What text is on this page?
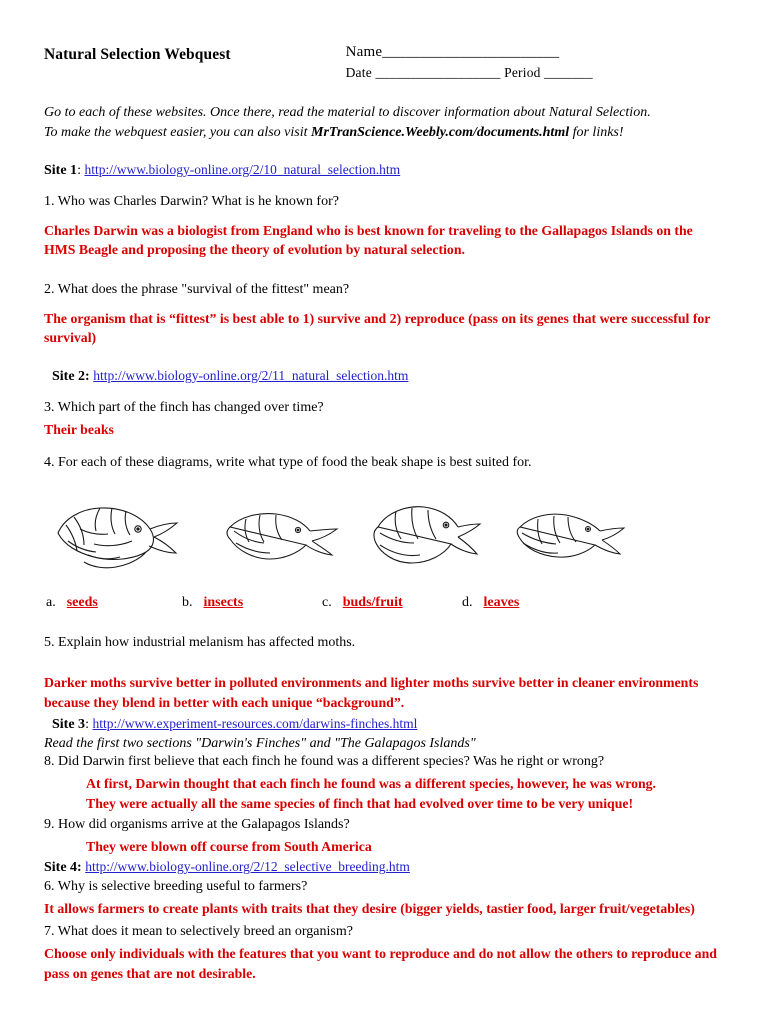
Natural Selection Webquest	Name_______________________
Date __________________ Period _______
Go to each of these websites. Once there, read the material to discover information about Natural Selection.
To make the webquest easier, you can also visit MrTranScience.Weebly.com/documents.html for links!
Site 1: http://www.biology-online.org/2/10_natural_selection.htm
1. Who was Charles Darwin? What is he known for?
Charles Darwin was a biologist from England who is best known for traveling to the Gallapagos Islands on the HMS Beagle and proposing the theory of evolution by natural selection.
2. What does the phrase "survival of the fittest" mean?
The organism that is “fittest” is best able to 1) survive and 2) reproduce (pass on its genes that were successful for survival)
Site 2: http://www.biology-online.org/2/11_natural_selection.htm
3. Which part of the finch has changed over time?
Their beaks
4. For each of these diagrams, write what type of food the beak shape is best suited for.
a. seeds	b. insects	c. buds/fruit	d. leaves
5. Explain how industrial melanism has affected moths.
Darker moths survive better in polluted environments and lighter moths survive better in cleaner environments because they blend in better with each unique “background”.
Site 3: http://www.experiment-resources.com/darwins-finches.html
Read the first two sections "Darwin's Finches" and "The Galapagos Islands"
8. Did Darwin first believe that each finch he found was a different species? Was he right or wrong?
At first, Darwin thought that each finch he found was a different species, however, he was wrong.
They were actually all the same species of finch that had evolved over time to be very unique!
9. How did organisms arrive at the Galapagos Islands?
They were blown off course from South America
Site 4: http://www.biology-online.org/2/12_selective_breeding.htm
6. Why is selective breeding useful to farmers?
It allows farmers to create plants with traits that they desire (bigger yields, tastier food, larger fruit/vegetables)
7. What does it mean to selectively breed an organism?
Choose only individuals with the features that you want to reproduce and do not allow the others to reproduce and pass on genes that are not desirable.
